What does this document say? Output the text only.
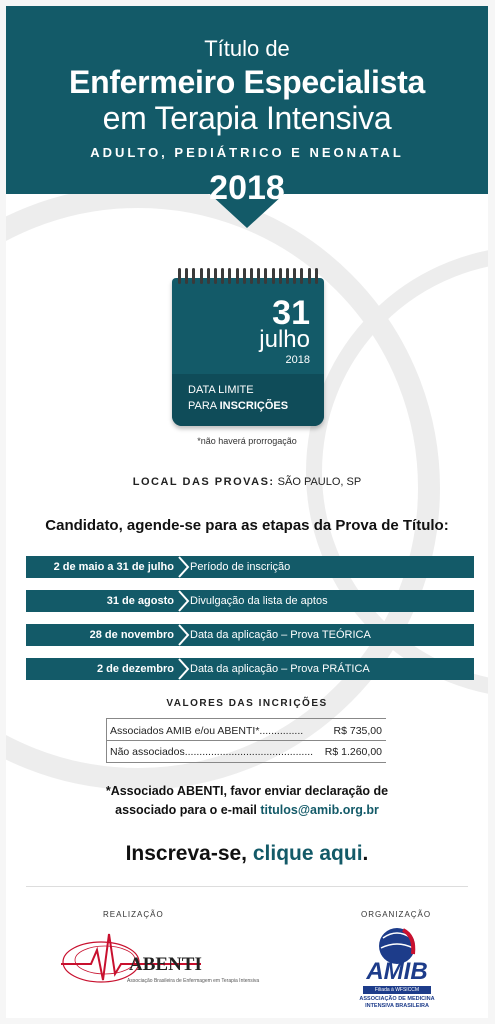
Título de
Enfermeiro Especialista
em Terapia Intensiva
ADULTO, PEDIÁTRICO E NEONATAL
2018
31
julho
2018
DATA LIMITE
PARA INSCRIÇÕES
*não haverá prorrogação
LOCAL DAS PROVAS: SÃO PAULO, SP
Candidato, agende-se para as etapas da Prova de Título:
2 de maio a 31 de julho Período de inscrição
31 de agosto Divulgação da lista de aptos
28 de novembro Data da aplicação – Prova TEÓRICA
2 de dezembro Data da aplicação – Prova PRÁTICA
VALORES DAS INCRIÇÕES
Associados AMIB e/ou ABENTI*...............	R$ 735,00
Não associados............................................ R$ 1.260,00
*Associado ABENTI, favor enviar declaração de
associado para o e-mail titulos@amib.org.br
Inscreva-se, clique aqui.
REALIZAÇÃO	ORGANIZAÇÃO
ABENTI
Associação Brasileira de Enfermagem em Terapia Intensiva	AMIB
Filiada à WFSICCM
ASSOCIAÇÃO DE MEDICINA
INTENSIVA BRASILEIRA
